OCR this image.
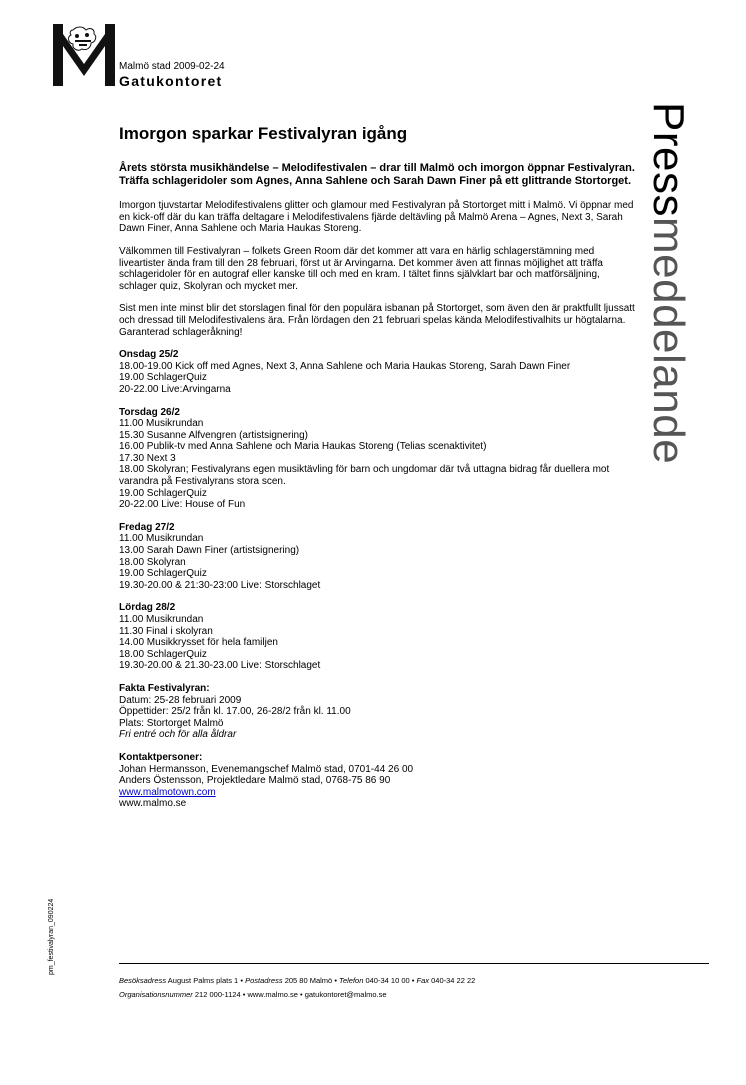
Malmö stad 2009-02-24
Gatukontoret
Pressmeddelande
pm_festivalyran_090224
Imorgon sparkar Festivalyran igång
Årets största musikhändelse – Melodifestivalen – drar till Malmö och imorgon öppnar Festivalyran. Träffa schlageridoler som Agnes, Anna Sahlene och Sarah Dawn Finer på ett glittrande Stortorget.

Imorgon tjuvstartar Melodifestivalens glitter och glamour med Festivalyran på Stortorget mitt i Malmö. Vi öppnar med en kick-off där du kan träffa deltagare i Melodifestivalens fjärde deltävling på Malmö Arena – Agnes, Next 3, Sarah Dawn Finer, Anna Sahlene och Maria Haukas Storeng.

Välkommen till Festivalyran – folkets Green Room där det kommer att vara en härlig schlagerstämning med liveartister ända fram till den 28 februari, först ut är Arvingarna. Det kommer även att finnas möjlighet att träffa schlageridoler för en autograf eller kanske till och med en kram. I tältet finns självklart bar och matförsäljning, schlager quiz, Skolyran och mycket mer.

Sist men inte minst blir det storslagen final för den populära isbanan på Stortorget, som även den är praktfullt ljussatt och dressad till Melodifestivalens ära. Från lördagen den 21 februari spelas kända Melodifestivalhits ur högtalarna. Garanterad schlageråkning!

Onsdag 25/2
18.00-19.00 Kick off med Agnes, Next 3, Anna Sahlene och Maria Haukas Storeng, Sarah Dawn Finer
19.00 SchlagerQuiz
20-22.00 Live:Arvingarna
Torsdag 26/2
11.00 Musikrundan
15.30 Susanne Alfvengren (artistsignering)
16.00 Publik-tv med Anna Sahlene och Maria Haukas Storeng (Telias scenaktivitet)
17.30 Next 3
18.00 Skolyran; Festivalyrans egen musiktävling för barn och ungdomar där två uttagna bidrag får duellera mot varandra på Festivalyrans stora scen.
19.00 SchlagerQuiz
20-22.00 Live: House of Fun
Fredag 27/2
11.00 Musikrundan
13.00 Sarah Dawn Finer (artistsignering)
18.00 Skolyran
19.00 SchlagerQuiz
19.30-20.00 & 21:30-23:00 Live: Storschlaget
Lördag 28/2
11.00 Musikrundan
11.30 Final i skolyran
14.00 Musikkrysset för hela familjen
18.00 SchlagerQuiz
19.30-20.00 & 21.30-23.00 Live: Storschlaget
Fakta Festivalyran:
Datum: 25-28 februari 2009
Öppettider: 25/2 från kl. 17.00, 26-28/2 från kl. 11.00
Plats: Stortorget Malmö
Fri entré och för alla åldrar
Kontaktpersoner:
Johan Hermansson, Evenemangschef Malmö stad, 0701-44 26 00
Anders Östensson, Projektledare Malmö stad, 0768-75 86 90
www.malmotown.com
www.malmo.se
Besöksadress August Palms plats 1 • Postadress 205 80 Malmö • Telefon 040-34 10 00 • Fax 040-34 22 22
Organisationsnummer 212 000-1124 • www.malmo.se • gatukontoret@malmo.se
